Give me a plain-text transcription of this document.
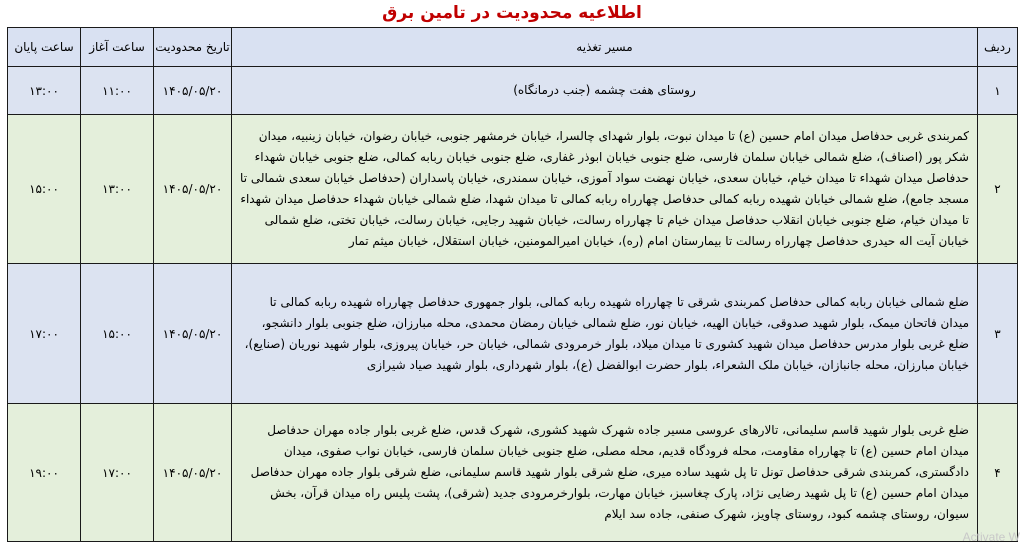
اطلاعیه محدودیت در تامین برق
ردیف	مسیر تغذیه	تاریخ محدودیت	ساعت آغاز	ساعت پایان
۱	روستای هفت چشمه (جنب درمانگاه)	۱۴۰۵/۰۵/۲۰	۱۱:۰۰	۱۳:۰۰
۲	کمربندی غربی حدفاصل میدان امام حسین (ع) تا میدان نبوت، بلوار شهدای چالسرا، خیابان خرمشهر جنوبی، خیابان رضوان، خیابان زینبیه، میدان شکر پور (اصناف)، ضلع شمالی خیابان سلمان فارسی، ضلع جنوبی خیابان ابوذر غفاری، ضلع جنوبی خیابان ربابه کمالی، ضلع جنوبی خیابان شهداء حدفاصل میدان شهداء تا میدان خیام، خیابان سعدی، خیابان نهضت سواد آموزی، خیابان سمندری، خیابان پاسداران (حدفاصل خیابان سعدی شمالی تا مسجد جامع)، ضلع شمالی خیابان شهیده ربابه کمالی حدفاصل چهارراه ربابه کمالی تا میدان شهدا، ضلع شمالی خیابان شهداء حدفاصل میدان شهداء تا میدان خیام، ضلع جنوبی خیابان انقلاب حدفاصل میدان خیام تا چهارراه رسالت، خیابان شهید رجایی، خیابان رسالت، خیابان تختی، ضلع شمالی خیابان آیت اله حیدری حدفاصل چهارراه رسالت تا بیمارستان امام (ره)، خیابان امیرالمومنین، خیابان استقلال، خیابان میثم تمار	۱۴۰۵/۰۵/۲۰	۱۳:۰۰	۱۵:۰۰
۳	ضلع شمالی خیابان ربابه کمالی حدفاصل کمربندی شرقی تا چهارراه شهیده ربابه کمالی، بلوار جمهوری حدفاصل چهارراه شهیده ربابه کمالی تا میدان فاتحان میمک، بلوار شهید صدوقی، خیابان الهیه، خیابان نور، ضلع شمالی خیابان رمضان محمدی، محله مبارزان، ضلع جنوبی بلوار دانشجو، ضلع غربی بلوار مدرس حدفاصل میدان شهید کشوری تا میدان میلاد، بلوار خرمرودی شمالی، خیابان حر، خیابان پیروزی، بلوار شهید نوریان (صنایع)، خیابان مبارزان، محله جانبازان، خیابان ملک الشعراء، بلوار حضرت ابوالفضل (ع)، بلوار شهرداری، بلوار شهید صیاد شیرازی	۱۴۰۵/۰۵/۲۰	۱۵:۰۰	۱۷:۰۰
۴	ضلع غربی بلوار شهید قاسم سلیمانی، تالارهای عروسی مسیر جاده شهرک شهید کشوری، شهرک قدس، ضلع غربی بلوار جاده مهران حدفاصل میدان امام حسین (ع) تا چهارراه مقاومت، محله فرودگاه قدیم، محله مصلی، ضلع جنوبی خیابان سلمان فارسی، خیابان نواب صفوی، میدان دادگستری، کمربندی شرقی حدفاصل تونل تا پل شهید ساده میری، ضلع شرقی بلوار شهید قاسم سلیمانی، ضلع شرقی بلوار جاده مهران حدفاصل میدان امام حسین (ع) تا پل شهید رضایی نژاد، پارک چغاسبز، خیابان مهارت، بلوارخرمرودی جدید (شرقی)، پشت پلیس راه میدان قرآن، بخش سیوان، روستای چشمه کبود، روستای چاویز، شهرک صنفی، جاده سد ایلام	۱۴۰۵/۰۵/۲۰	۱۷:۰۰	۱۹:۰۰
Activate W
